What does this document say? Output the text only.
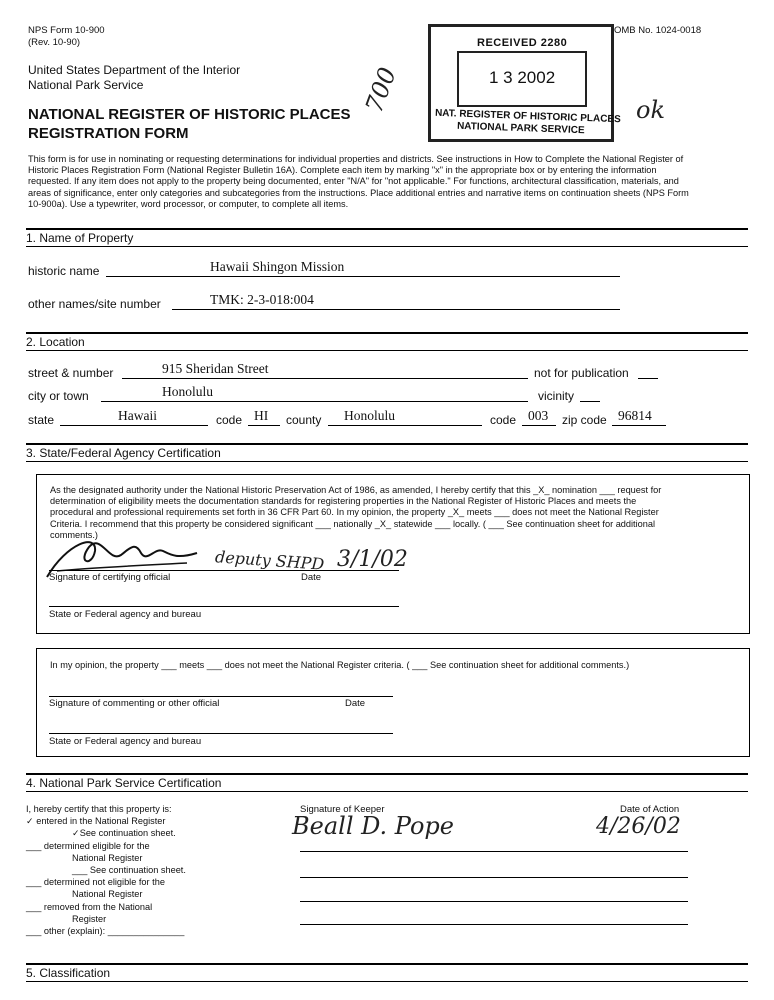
NPS Form 10-900
(Rev. 10-90)
OMB No. 1024-0018
United States Department of the Interior
National Park Service
NATIONAL REGISTER OF HISTORIC PLACES
REGISTRATION FORM
RECEIVED 2280
1 3 2002
NAT. REGISTER OF HISTORIC PLACES
NATIONAL PARK SERVICE
700	ok
This form is for use in nominating or requesting determinations for individual properties and districts. See instructions in How to Complete the National Register of
Historic Places Registration Form (National Register Bulletin 16A). Complete each item by marking "x" in the appropriate box or by entering the information
requested. If any item does not apply to the property being documented, enter "N/A" for "not applicable." For functions, architectural classification, materials, and
areas of significance, enter only categories and subcategories from the instructions. Place additional entries and narrative items on continuation sheets (NPS Form
10-900a). Use a typewriter, word processor, or computer, to complete all items.
1. Name of Property
historic name	Hawaii Shingon Mission
other names/site number	TMK: 2-3-018:004
2. Location
street & number	915 Sheridan Street	not for publication
city or town	Honolulu	vicinity
state	Hawaii	code HI county Honolulu	code 003 zip code 96814
3. State/Federal Agency Certification
As the designated authority under the National Historic Preservation Act of 1986, as amended, I hereby certify that this _X_ nomination ___ request for
determination of eligibility meets the documentation standards for registering properties in the National Register of Historic Places and meets the
procedural and professional requirements set forth in 36 CFR Part 60. In my opinion, the property _X_ meets ___ does not meet the National Register
Criteria. I recommend that this property be considered significant ___ nationally _X_ statewide ___ locally. ( ___ See continuation sheet for additional
comments.)
deputy SHPD 3/1/02
Signature of certifying official	Date
State or Federal agency and bureau
In my opinion, the property ___ meets ___ does not meet the National Register criteria. ( ___ See continuation sheet for additional comments.)
Signature of commenting or other official	Date
State or Federal agency and bureau
4. National Park Service Certification
I, hereby certify that this property is:
✓ entered in the National Register
✓See continuation sheet.
___ determined eligible for the
National Register
___ See continuation sheet.
___ determined not eligible for the
National Register
___ removed from the National
Register
___ other (explain): _______________
Signature of Keeper	Date of Action
Beall D. Pope	4/26/02
5. Classification
